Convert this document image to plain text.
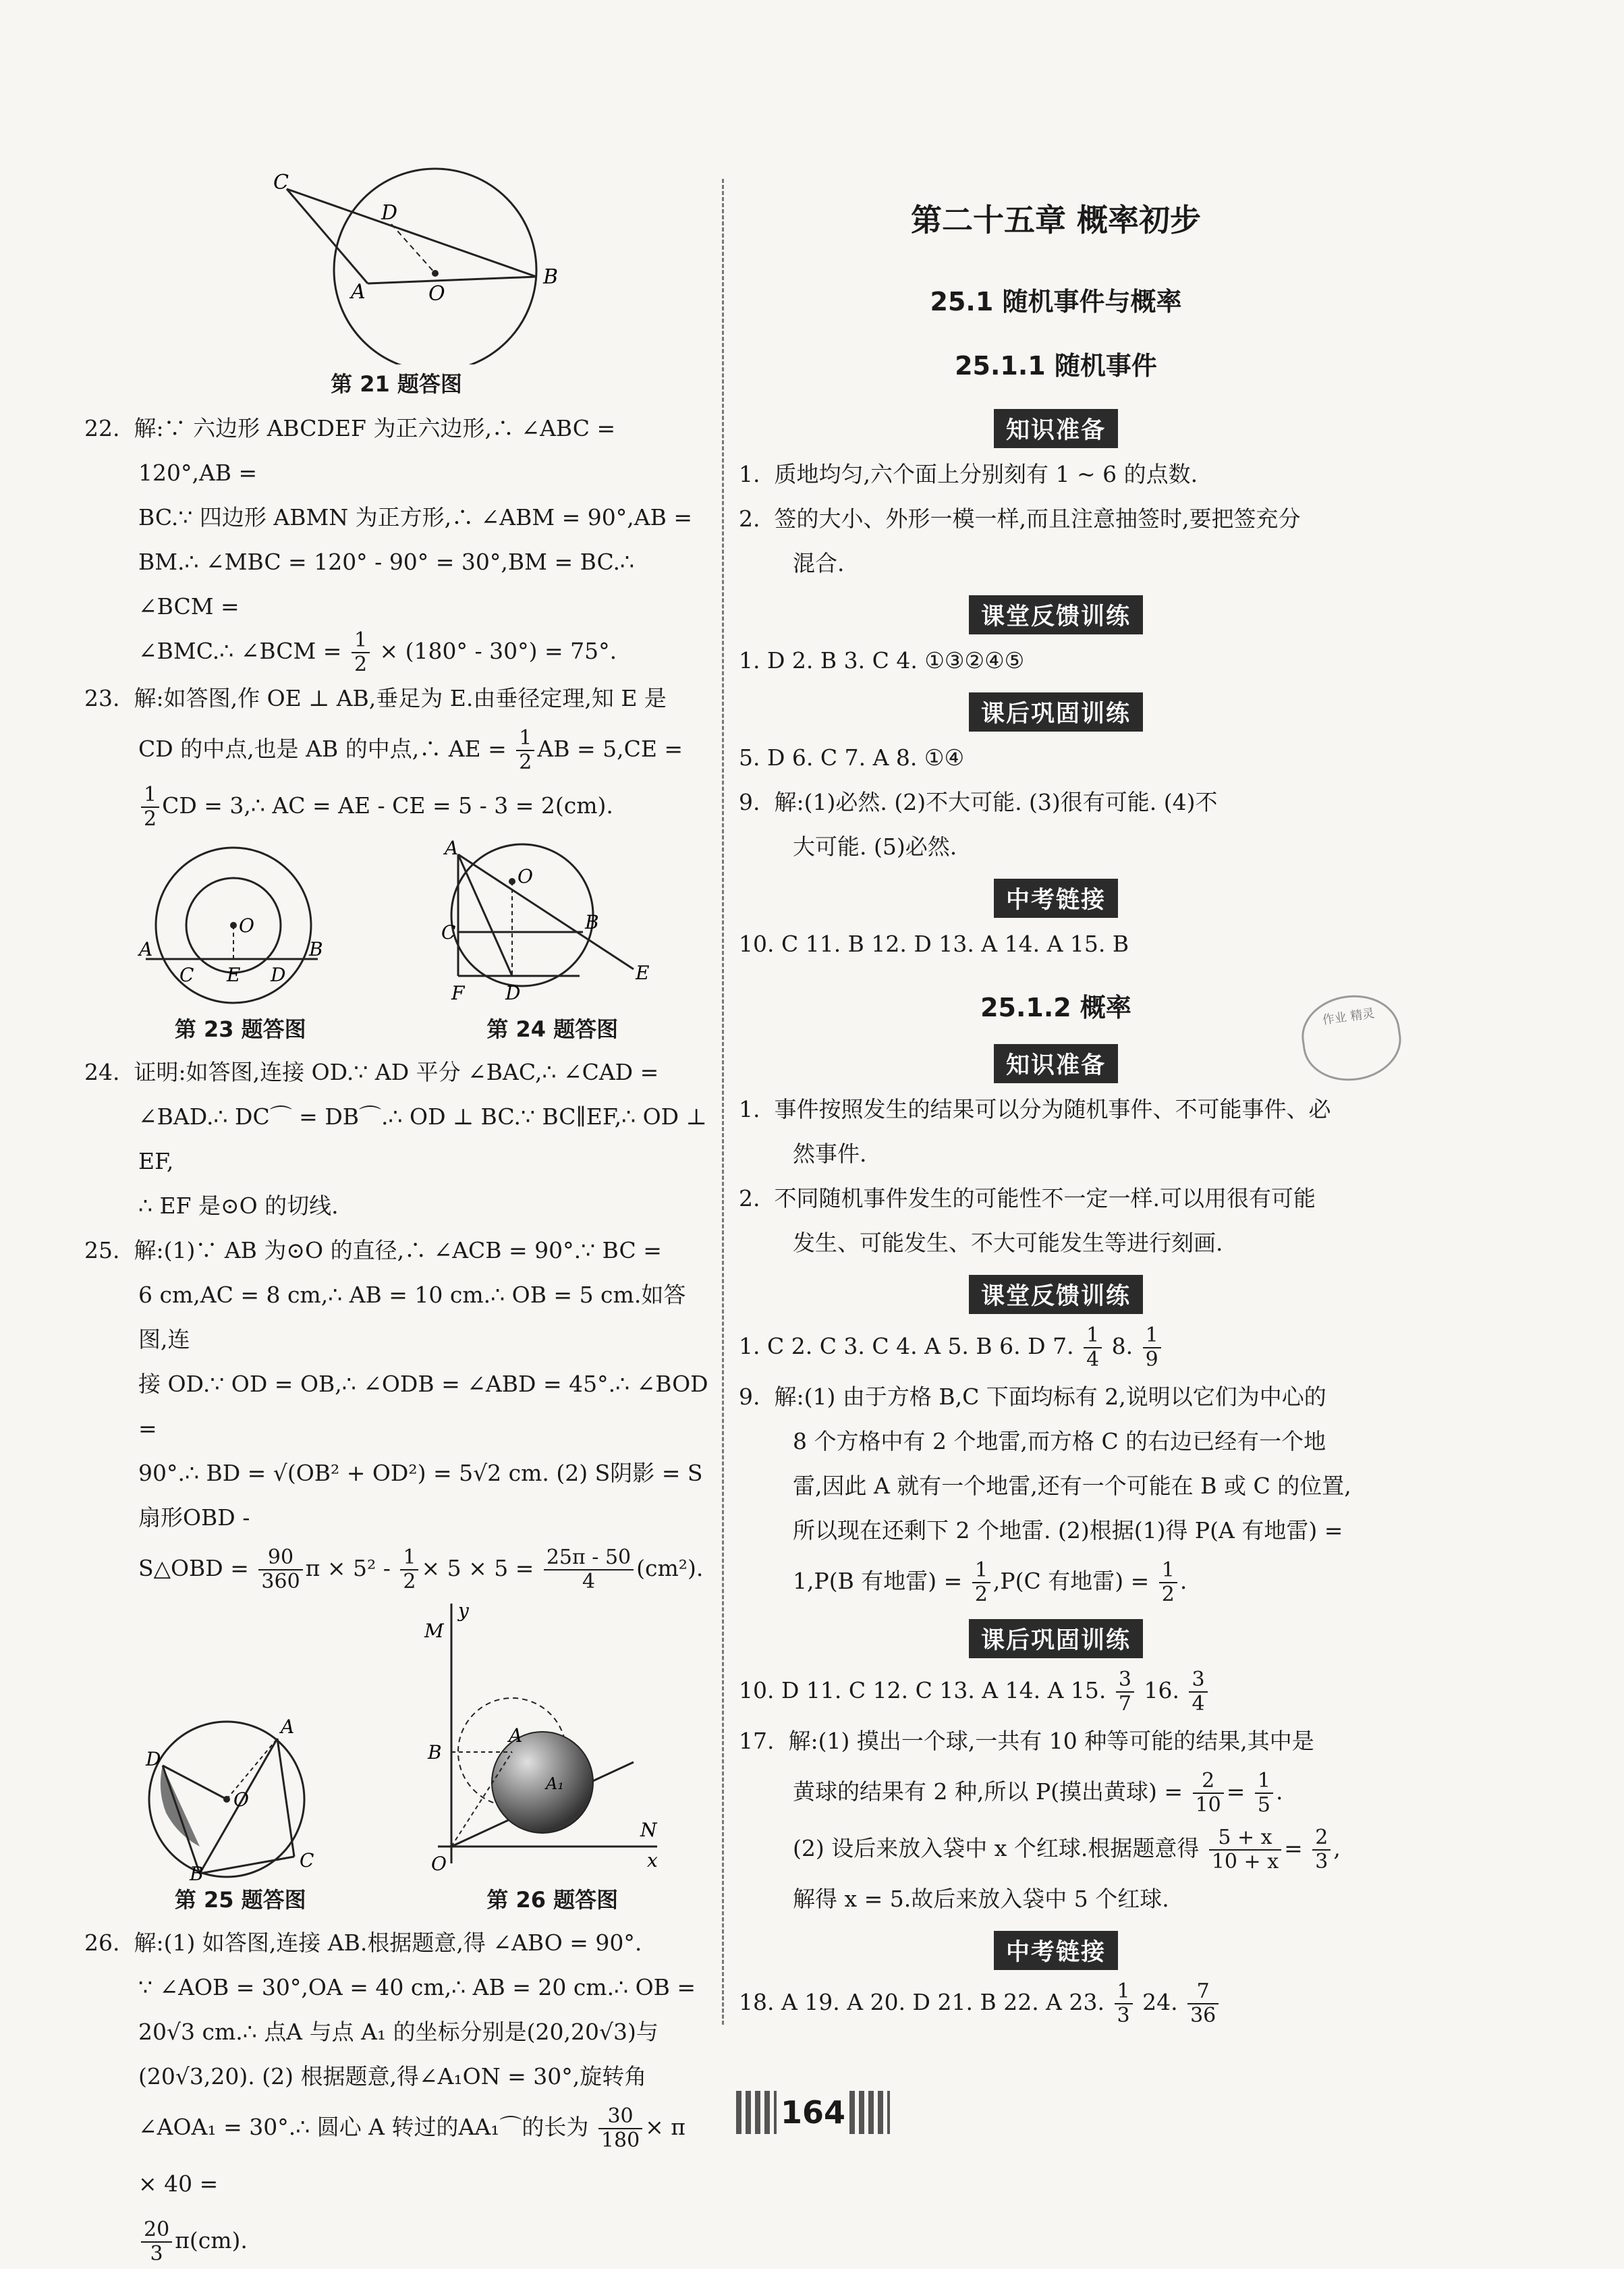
C
D
A	O
B
第 21 题答图

22. 解:∵ 六边形 ABCDEF 为正六边形,∴ ∠ABC = 120°,AB =

BC.∵ 四边形 ABMN 为正方形,∴ ∠ABM = 90°,AB =

BM.∴ ∠MBC = 120° - 90° = 30°,BM = BC.∴ ∠BCM =

∠BMC.∴ ∠BCM = $\frac{1}{2} \times (180^\circ - 30^\circ) = 75^\circ$.

23. 解:如答图,作 OE ⊥ AB,垂足为 E.由垂径定理,知 E 是

CD 的中点,也是 AB 的中点,∴ AE = $\frac{1}{2}$ AB = 5,CE =

$\frac{1}{2}$ CD = 3,∴ AC = AE - CE = 5 - 3 = 2(cm).

A
C E D
B
O
A
O
C	B
F D
E
第 23 题答图	第 24 题答图

24. 证明:如答图,连接 OD.∵ AD 平分 ∠BAC,∴ ∠CAD =

∠BAD.∴ DC⌒ = DB⌒.∴ OD ⊥ BC.∵ BC∥EF,∴ OD ⊥ EF,

∴ EF 是⊙O 的切线.

25. 解:(1)∵ AB 为⊙O 的直径,∴ ∠ACB = 90°.∵ BC =

6 cm,AC = 8 cm,∴ AB = 10 cm.∴ OB = 5 cm.如答图,连

接 OD.∵ OD = OB,∴ ∠ODB = ∠ABD = 45°.∴ ∠BOD =

90°.∴ BD = √(OB² + OD²) = 5√2 cm. (2) S阴影 = S扇形OBD -

S△OBD = $\frac{90}{360}$ $\pi \times 5^2 - \frac{1}{2} \times 5 \times 5 = \frac{25\pi - 50}{4} (cm^2)$.

A
D
O
B
C
y
M
A
B
A₁
N
O	x
第 25 题答图	第 26 题答图

26. 解:(1) 如答图,连接 AB.根据题意,得 ∠ABO = 90°.

∵ ∠AOB = 30°,OA = 40 cm,∴ AB = 20 cm.∴ OB =

20√3 cm.∴ 点A 与点 A₁ 的坐标分别是(20,20√3)与

(20√3,20). (2) 根据题意,得∠A₁ON = 30°,旋转角

∠AOA₁ = 30°.∴ 圆心 A 转过的AA₁⌒的长为 $\frac{30}{180} \times \pi \times 40$ =

$\frac{20}{3} \pi(cm)$.

第二十五章 概率初步
25.1 随机事件与概率
25.1.1 随机事件
知识准备

1. 质地均匀,六个面上分别刻有 1 ~ 6 的点数.

2. 签的大小、外形一模一样,而且注意抽签时,要把签充分

混合.

课堂反馈训练

1. D 2. B 3. C 4. ①③②④⑤

课后巩固训练

5. D 6. C 7. A 8. ①④

9. 解:(1)必然. (2)不大可能. (3)很有可能. (4)不

大可能. (5)必然.

中考链接

10. C 11. B 12. D 13. A 14. A 15. B

25.1.2 概率
知识准备

1. 事件按照发生的结果可以分为随机事件、不可能事件、必

然事件.

2. 不同随机事件发生的可能性不一定一样.可以用很有可能

发生、可能发生、不大可能发生等进行刻画.

课堂反馈训练

1. C 2. C 3. C 4. A 5. B 6. D 7. $\frac{1}{4} 8$. $\frac{1}{9}$

9. 解:(1) 由于方格 B,C 下面均标有 2,说明以它们为中心的

8 个方格中有 2 个地雷,而方格 C 的右边已经有一个地

雷,因此 A 就有一个地雷,还有一个可能在 B 或 C 的位置,

所以现在还剩下 2 个地雷. (2)根据(1)得 P(A 有地雷) =

1,P(B 有地雷) = $\frac{1}{2} ,P(C$ 有地雷) = $\frac{1}{2}$ .

课后巩固训练

10. D 11. C 12. C 13. A 14. A 15. $\frac{3}{7} 16$. $\frac{3}{4}$

17. 解:(1) 摸出一个球,一共有 10 种等可能的结果,其中是

黄球的结果有 2 种,所以 P(摸出黄球) = $\frac{2}{10} = \frac{1}{5}$ .

(2) 设后来放入袋中 x 个红球.根据题意得 $\frac{5 + x}{10 + x} = \frac{2}{3}$ ,

解得 x = 5.故后来放入袋中 5 个红球.

中考链接

18. A 19. A 20. D 21. B 22. A 23. $\frac{1}{3} 24$. $\frac{7}{36}$

作业 精灵
164
